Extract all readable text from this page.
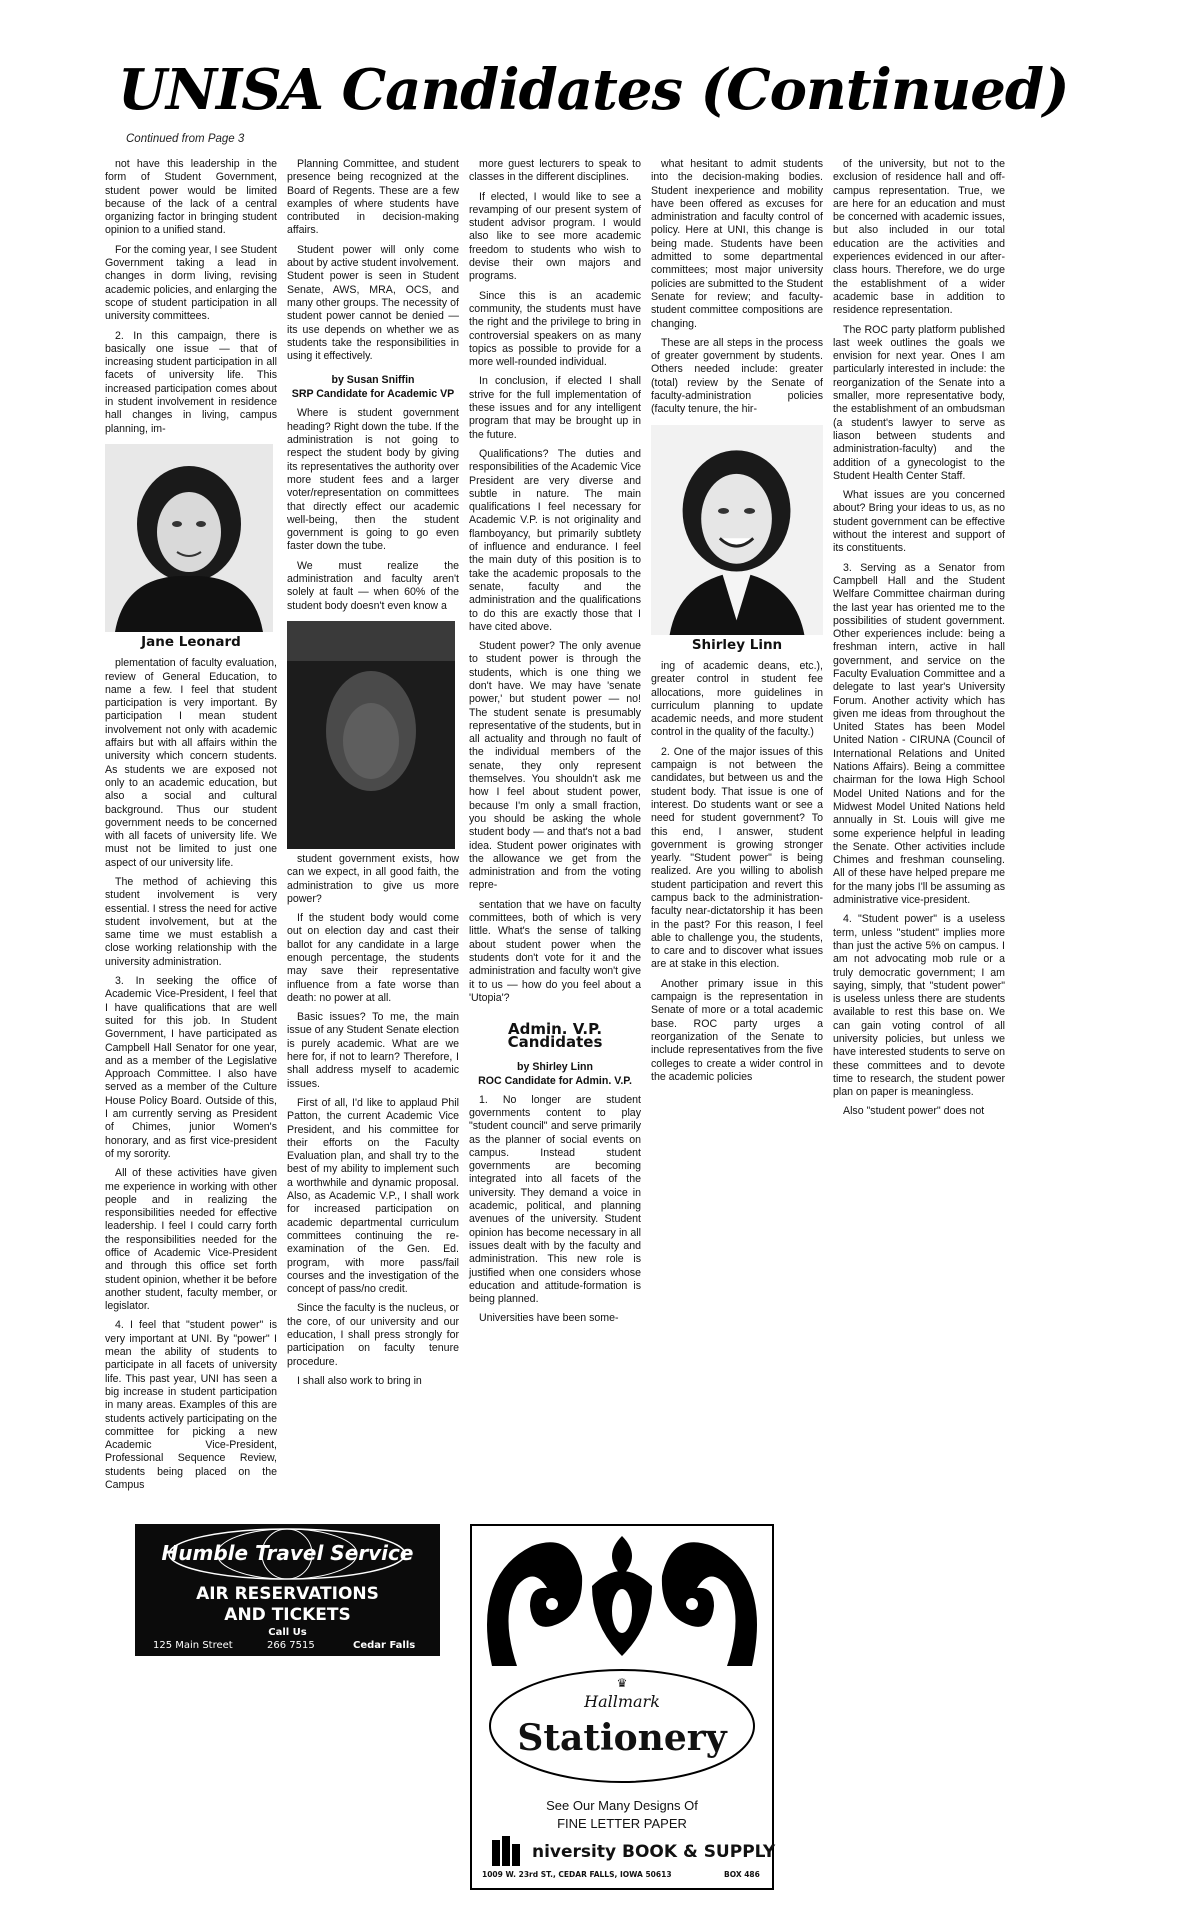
UNISA Candidates (Continued)
Continued from Page 3

not have this leadership in the form of Student Government, student power would be limited because of the lack of a central organizing factor in bringing student opinion to a unified stand.

For the coming year, I see Student Government taking a lead in changes in dorm living, revising academic policies, and enlarging the scope of student participation in all university committees.

2. In this campaign, there is basically one issue — that of increasing student participation in all facets of university life. This increased participation comes about in student involvement in residence hall changes in living, campus planning, im-

Jane Leonard

plementation of faculty evaluation, review of General Education, to name a few. I feel that student participation is very important. By participation I mean student involvement not only with academic affairs but with all affairs within the university which concern students. As students we are exposed not only to an academic education, but also a social and cultural background. Thus our student government needs to be concerned with all facets of university life. We must not be limited to just one aspect of our university life.

The method of achieving this student involvement is very essential. I stress the need for active student involvement, but at the same time we must establish a close working relationship with the university administration.

3. In seeking the office of Academic Vice-President, I feel that I have qualifications that are well suited for this job. In Student Government, I have participated as Campbell Hall Senator for one year, and as a member of the Legislative Approach Committee. I also have served as a member of the Culture House Policy Board. Outside of this, I am currently serving as President of Chimes, junior Women's honorary, and as first vice-president of my sorority.

All of these activities have given me experience in working with other people and in realizing the responsibilities needed for effective leadership. I feel I could carry forth the responsibilities needed for the office of Academic Vice-President and through this office set forth student opinion, whether it be before another student, faculty member, or legislator.

4. I feel that "student power" is very important at UNI. By "power" I mean the ability of students to participate in all facets of university life. This past year, UNI has seen a big increase in student participation in many areas. Examples of this are students actively participating on the committee for picking a new Academic Vice-President, Professional Sequence Review, students being placed on the Campus

Planning Committee, and student presence being recognized at the Board of Regents. These are a few examples of where students have contributed in decision-making affairs.

Student power will only come about by active student involvement. Student power is seen in Student Senate, AWS, MRA, OCS, and many other groups. The necessity of student power cannot be denied — its use depends on whether we as students take the responsibilities in using it effectively.

by Susan Sniffin
SRP Candidate for Academic VP

Where is student government heading? Right down the tube. If the administration is not going to respect the student body by giving its representatives the authority over more student fees and a larger voter/representation on committees that directly effect our academic well-being, then the student government is going to go even faster down the tube.

We must realize the administration and faculty aren't solely at fault — when 60% of the student body doesn't even know a

student government exists, how can we expect, in all good faith, the administration to give us more power?

If the student body would come out on election day and cast their ballot for any candidate in a large enough percentage, the students may save their representative influence from a fate worse than death: no power at all.

Basic issues? To me, the main issue of any Student Senate election is purely academic. What are we here for, if not to learn? Therefore, I shall address myself to academic issues.

First of all, I'd like to applaud Phil Patton, the current Academic Vice President, and his committee for their efforts on the Faculty Evaluation plan, and shall try to the best of my ability to implement such a worthwhile and dynamic proposal. Also, as Academic V.P., I shall work for increased participation on academic departmental curriculum committees continuing the re-examination of the Gen. Ed. program, with more pass/fail courses and the investigation of the concept of pass/no credit.

Since the faculty is the nucleus, or the core, of our university and our education, I shall press strongly for participation on faculty tenure procedure.

I shall also work to bring in

more guest lecturers to speak to classes in the different disciplines.

If elected, I would like to see a revamping of our present system of student advisor program. I would also like to see more academic freedom to students who wish to devise their own majors and programs.

Since this is an academic community, the students must have the right and the privilege to bring in controversial speakers on as many topics as possible to provide for a more well-rounded individual.

In conclusion, if elected I shall strive for the full implementation of these issues and for any intelligent program that may be brought up in the future.

Qualifications? The duties and responsibilities of the Academic Vice President are very diverse and subtle in nature. The main qualifications I feel necessary for Academic V.P. is not originality and flamboyancy, but primarily subtlety of influence and endurance. I feel the main duty of this position is to take the academic proposals to the senate, faculty and the administration and the qualifications to do this are exactly those that I have cited above.

Student power? The only avenue to student power is through the students, which is one thing we don't have. We may have 'senate power,' but student power — no! The student senate is presumably representative of the students, but in all actuality and through no fault of the individual members of the senate, they only represent themselves. You shouldn't ask me how I feel about student power, because I'm only a small fraction, you should be asking the whole student body — and that's not a bad idea. Student power originates with the allowance we get from the administration and from the voting repre-

sentation that we have on faculty committees, both of which is very little. What's the sense of talking about student power when the students don't vote for it and the administration and faculty won't give it to us — how do you feel about a 'Utopia'?

Admin. V.P. Candidates
by Shirley Linn
ROC Candidate for Admin. V.P.

1. No longer are student governments content to play "student council" and serve primarily as the planner of social events on campus. Instead student governments are becoming integrated into all facets of the university. They demand a voice in academic, political, and planning avenues of the university. Student opinion has become necessary in all issues dealt with by the faculty and administration. This new role is justified when one considers whose education and attitude-formation is being planned.

Universities have been some-

what hesitant to admit students into the decision-making bodies. Student inexperience and mobility have been offered as excuses for administration and faculty control of policy. Here at UNI, this change is being made. Students have been admitted to some departmental committees; most major university policies are submitted to the Student Senate for review; and faculty-student committee compositions are changing.

These are all steps in the process of greater government by students. Others needed include: greater (total) review by the Senate of faculty-administration policies (faculty tenure, the hir-

Shirley Linn

ing of academic deans, etc.), greater control in student fee allocations, more guidelines in curriculum planning to update academic needs, and more student control in the quality of the faculty.)

2. One of the major issues of this campaign is not between the candidates, but between us and the student body. That issue is one of interest. Do students want or see a need for student government? To this end, I answer, student government is growing stronger yearly. "Student power" is being realized. Are you willing to abolish student participation and revert this campus back to the administration-faculty near-dictatorship it has been in the past? For this reason, I feel able to challenge you, the students, to care and to discover what issues are at stake in this election.

Another primary issue in this campaign is the representation in Senate of more or a total academic base. ROC party urges a reorganization of the Senate to include representatives from the five colleges to create a wider control in the academic policies

of the university, but not to the exclusion of residence hall and off-campus representation. True, we are here for an education and must be concerned with academic issues, but also included in our total education are the activities and experiences evidenced in our after-class hours. Therefore, we do urge the establishment of a wider academic base in addition to residence representation.

The ROC party platform published last week outlines the goals we envision for next year. Ones I am particularly interested in include: the reorganization of the Senate into a smaller, more representative body, the establishment of an ombudsman (a student's lawyer to serve as liason between students and administration-faculty) and the addition of a gynecologist to the Student Health Center Staff.

What issues are you concerned about? Bring your ideas to us, as no student government can be effective without the interest and support of its constituents.

3. Serving as a Senator from Campbell Hall and the Student Welfare Committee chairman during the last year has oriented me to the possibilities of student government. Other experiences include: being a freshman intern, active in hall government, and service on the Faculty Evaluation Committee and a delegate to last year's University Forum. Another activity which has given me ideas from throughout the United States has been Model United Nation - CIRUNA (Council of International Relations and United Nations Affairs). Being a committee chairman for the Iowa High School Model United Nations and for the Midwest Model United Nations held annually in St. Louis will give me some experience helpful in leading the Senate. Other activities include Chimes and freshman counseling. All of these have helped prepare me for the many jobs I'll be assuming as administrative vice-president.

4. "Student power" is a useless term, unless "student" implies more than just the active 5% on campus. I am not advocating mob rule or a truly democratic government; I am saying, simply, that "student power" is useless unless there are students available to rest this base on. We can gain voting control of all university policies, but unless we have interested students to serve on these committees and to devote time to research, the student power plan on paper is meaningless.

Also "student power" does not

Humble Travel Service
AIR RESERVATIONS
AND TICKETS
Call Us
125 Main Street	266 7515	Cedar Falls
♛
Hallmark
Stationery
See Our Many Designs Of
FINE LETTER PAPER
niversity BOOK & SUPPLY
1009 W. 23rd ST., CEDAR FALLS, IOWA 50613	BOX 486
